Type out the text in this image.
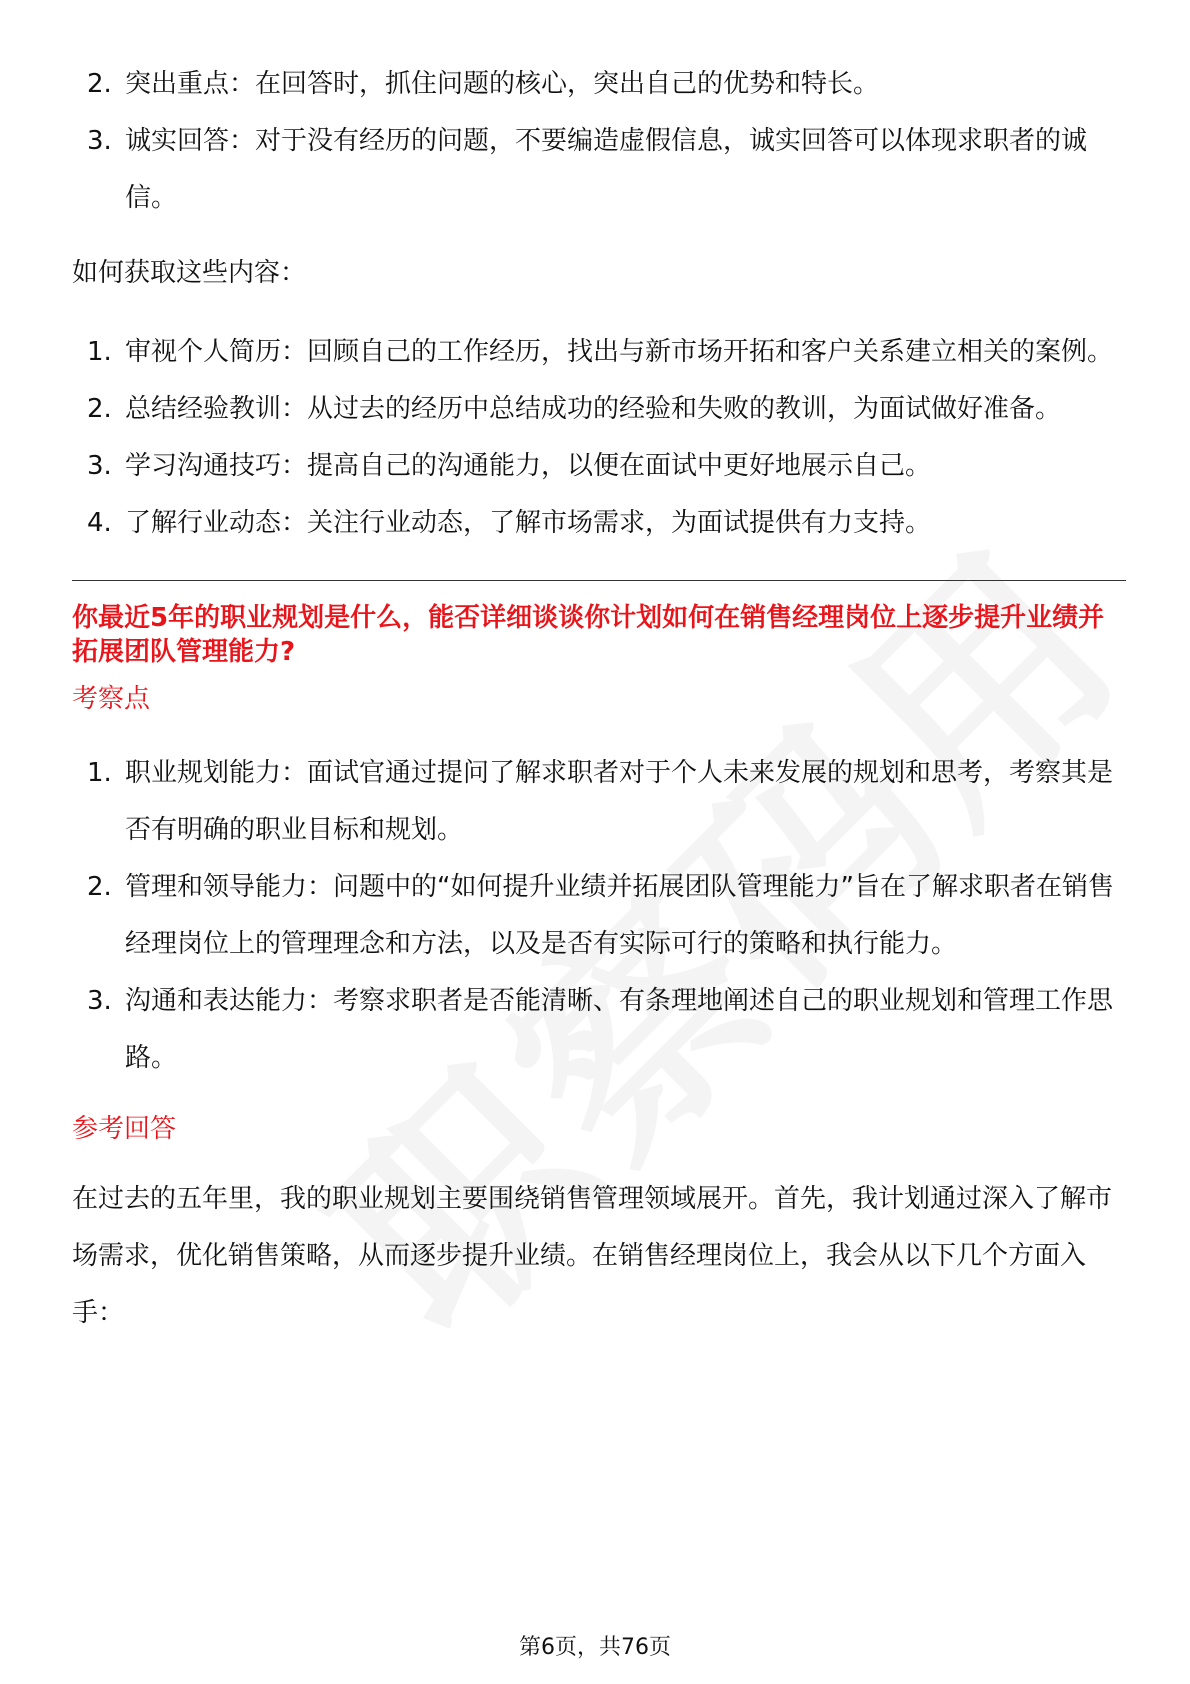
2. 突出重点：在回答时，抓住问题的核心，突出自己的优势和特长。
3. 诚实回答：对于没有经历的问题，不要编造虚假信息，诚实回答可以体现求职者的诚信。

如何获取这些内容：

1. 审视个人简历：回顾自己的工作经历，找出与新市场开拓和客户关系建立相关的案例。
2. 总结经验教训：从过去的经历中总结成功的经验和失败的教训，为面试做好准备。
3. 学习沟通技巧：提高自己的沟通能力，以便在面试中更好地展示自己。
4. 了解行业动态：关注行业动态，了解市场需求，为面试提供有力支持。

你最近5年的职业规划是什么，能否详细谈谈你计划如何在销售经理岗位上逐步提升业绩并拓展团队管理能力?

考察点

1. 职业规划能力：面试官通过提问了解求职者对于个人未来发展的规划和思考，考察其是否有明确的职业目标和规划。
2. 管理和领导能力：问题中的“如何提升业绩并拓展团队管理能力”旨在了解求职者在销售经理岗位上的管理理念和方法，以及是否有实际可行的策略和执行能力。
3. 沟通和表达能力：考察求职者是否能清晰、有条理地阐述自己的职业规划和管理工作思路。

参考回答

在过去的五年里，我的职业规划主要围绕销售管理领域展开。首先，我计划通过深入了解市场需求，优化销售策略，从而逐步提升业绩。在销售经理岗位上，我会从以下几个方面入手：

第6页，共76页
